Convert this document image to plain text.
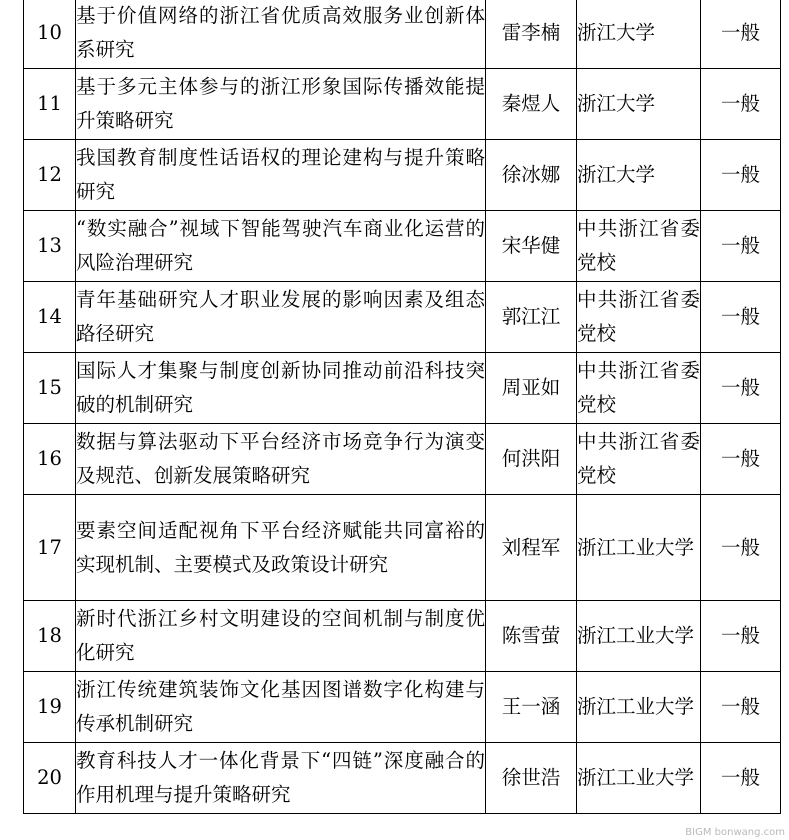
10	基于价值网络的浙江省优质高效服务业创新体系研究	雷李楠	浙江大学	一般
11	基于多元主体参与的浙江形象国际传播效能提升策略研究	秦煜人	浙江大学	一般
12	我国教育制度性话语权的理论建构与提升策略研究	徐冰娜	浙江大学	一般
13	“数实融合”视域下智能驾驶汽车商业化运营的风险治理研究	宋华健	中共浙江省委党校	一般
14	青年基础研究人才职业发展的影响因素及组态路径研究	郭江江	中共浙江省委党校	一般
15	国际人才集聚与制度创新协同推动前沿科技突破的机制研究	周亚如	中共浙江省委党校	一般
16	数据与算法驱动下平台经济市场竞争行为演变及规范、创新发展策略研究	何洪阳	中共浙江省委党校	一般
17	要素空间适配视角下平台经济赋能共同富裕的实现机制、主要模式及政策设计研究	刘程军	浙江工业大学	一般
18	新时代浙江乡村文明建设的空间机制与制度优化研究	陈雪萤	浙江工业大学	一般
19	浙江传统建筑装饰文化基因图谱数字化构建与传承机制研究	王一涵	浙江工业大学	一般
20	教育科技人才一体化背景下“四链”深度融合的作用机理与提升策略研究	徐世浩	浙江工业大学	一般
BIGM bonwang.com
